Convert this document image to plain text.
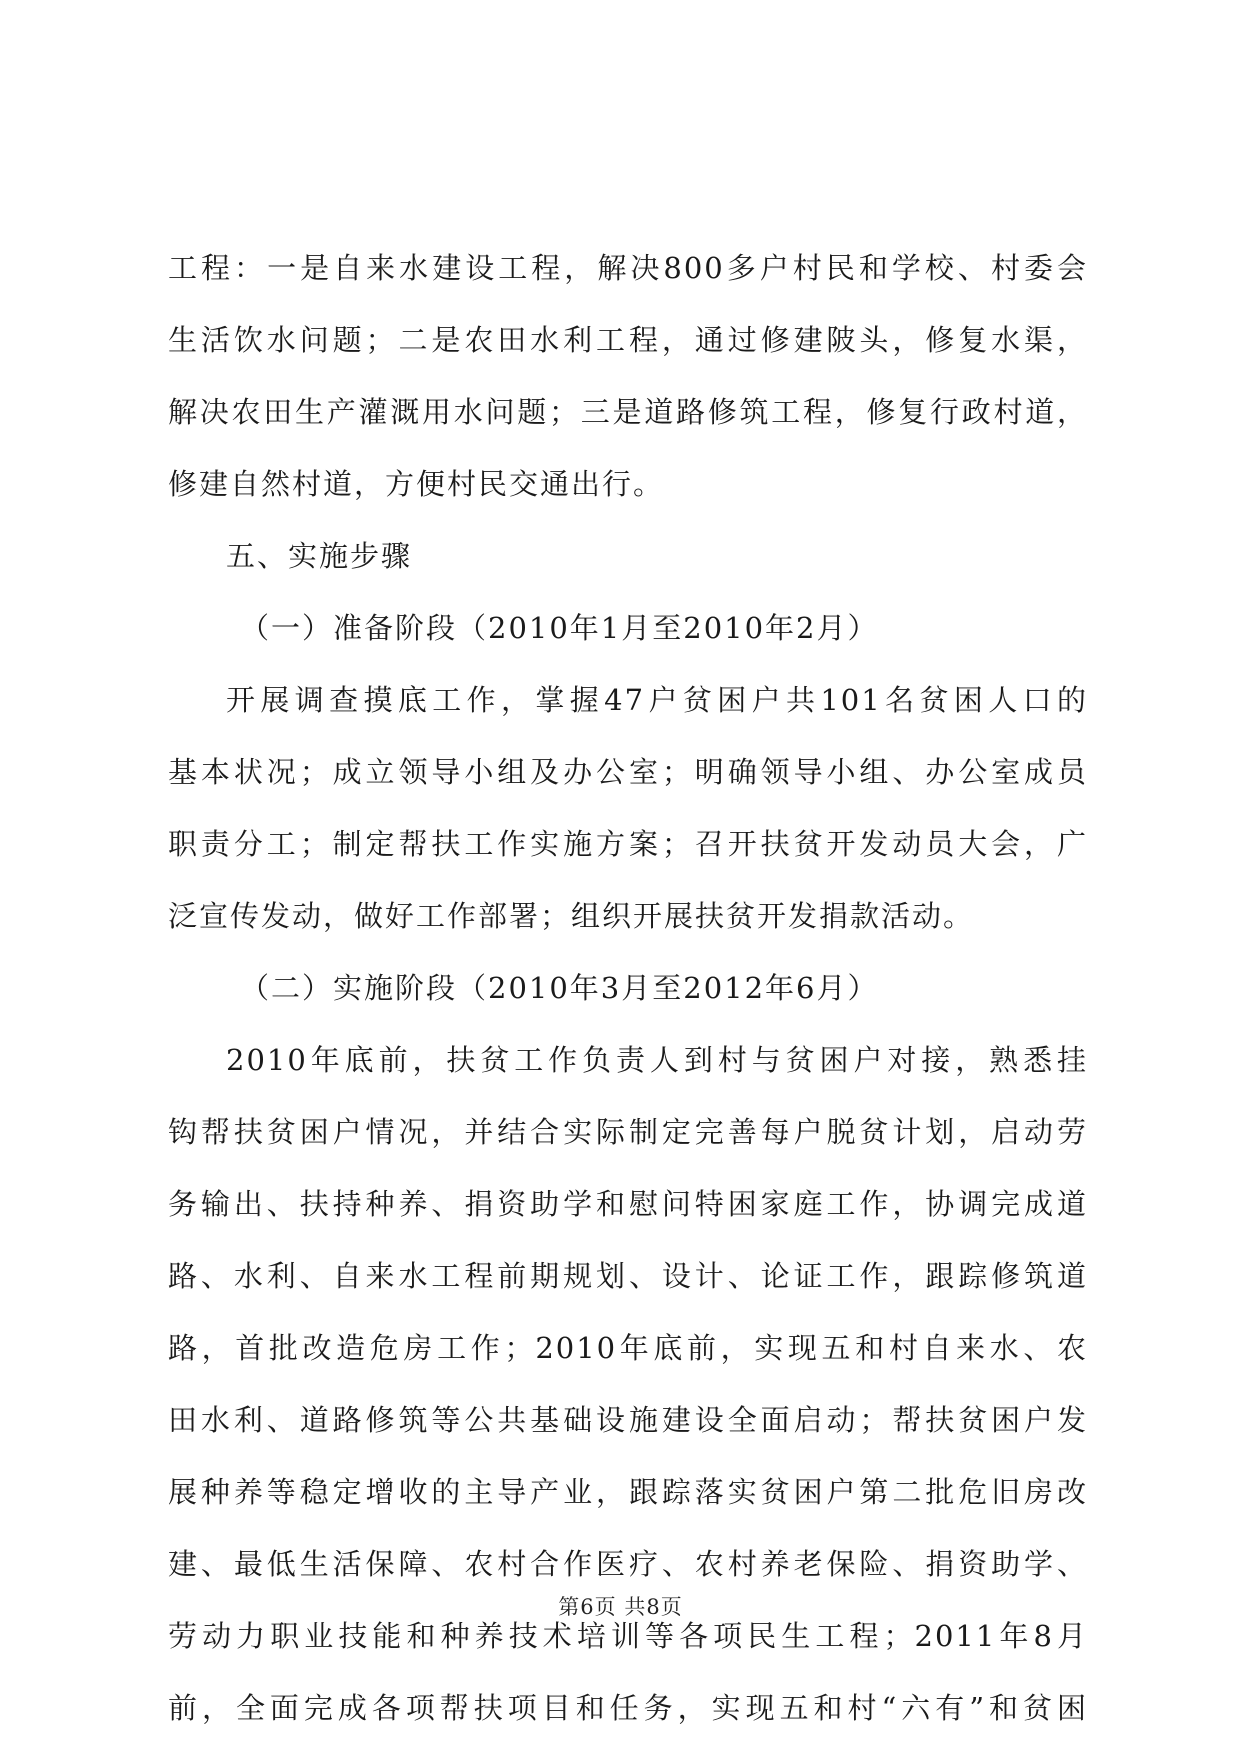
工程：一是自来水建设工程，解决800多户村民和学校、村委会
生活饮水问题；二是农田水利工程，通过修建陂头，修复水渠，
解决农田生产灌溉用水问题；三是道路修筑工程，修复行政村道，
修建自然村道，方便村民交通出行。
五、实施步骤
（一）准备阶段（2010年1月至2010年2月）
开展调查摸底工作，掌握47户贫困户共101名贫困人口的
基本状况；成立领导小组及办公室；明确领导小组、办公室成员
职责分工；制定帮扶工作实施方案；召开扶贫开发动员大会，广
泛宣传发动，做好工作部署；组织开展扶贫开发捐款活动。
（二）实施阶段（2010年3月至2012年6月）
2010年底前，扶贫工作负责人到村与贫困户对接，熟悉挂
钩帮扶贫困户情况，并结合实际制定完善每户脱贫计划，启动劳
务输出、扶持种养、捐资助学和慰问特困家庭工作，协调完成道
路、水利、自来水工程前期规划、设计、论证工作，跟踪修筑道
路，首批改造危房工作；2010年底前，实现五和村自来水、农
田水利、道路修筑等公共基础设施建设全面启动；帮扶贫困户发
展种养等稳定增收的主导产业，跟踪落实贫困户第二批危旧房改
建、最低生活保障、农村合作医疗、农村养老保险、捐资助学、
劳动力职业技能和种养技术培训等各项民生工程；2011年8月
前，全面完成各项帮扶项目和任务，实现五和村“六有”和贫困
第6页 共8页
